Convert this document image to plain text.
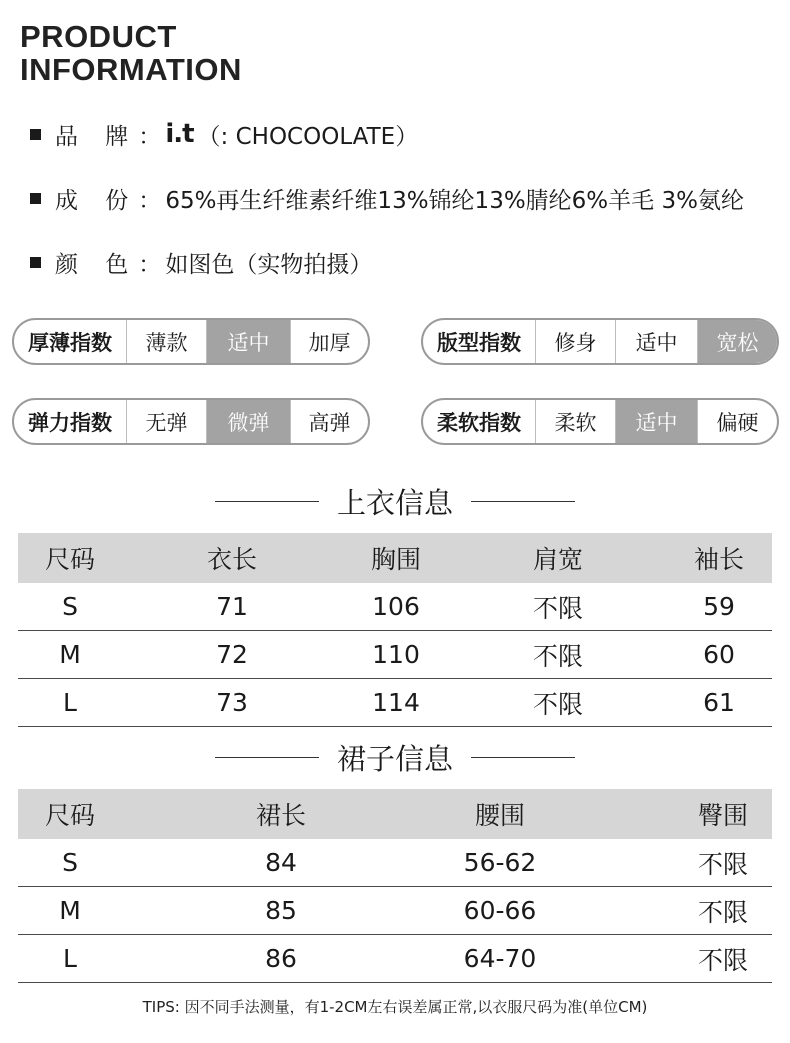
PRODUCT
INFORMATION
品 牌：
i.t （: CHOCOOLATE）
成 份：
65%再生纤维素纤维13%锦纶13%腈纶6%羊毛 3%氨纶
颜 色：
如图色（实物拍摄）
厚薄指数	薄款	适中	加厚	版型指数	修身	适中	宽松
弹力指数	无弹	微弹	高弹	柔软指数	柔软	适中	偏硬
上衣信息
尺码	衣长	胸围	肩宽	袖长
S	71	106	不限	59
M	72	110	不限	60
L	73	114	不限	61
裙子信息
尺码	裙长	腰围	臀围
S	84	56-62	不限
M	85	60-66	不限
L	86	64-70	不限
TIPS: 因不同手法测量，有1-2CM左右误差属正常,以衣服尺码为准(单位CM)
